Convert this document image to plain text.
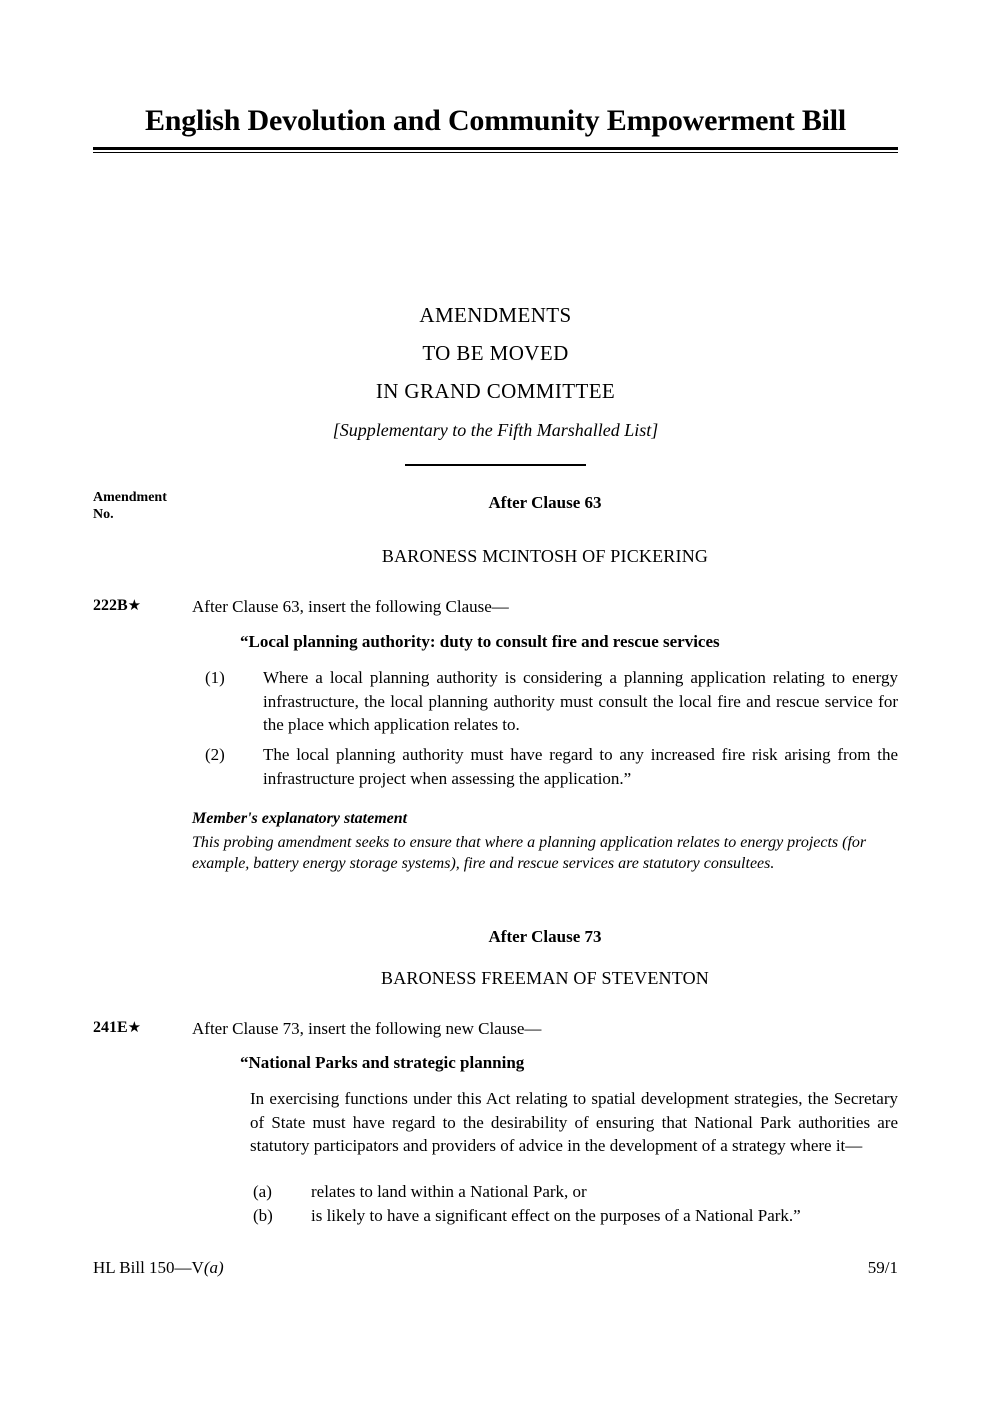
English Devolution and Community Empowerment Bill
AMENDMENTS
TO BE MOVED
IN GRAND COMMITTEE
[Supplementary to the Fifth Marshalled List]
Amendment
No.
After Clause 63
BARONESS MCINTOSH OF PICKERING
222B★	After Clause 63, insert the following Clause—
“Local planning authority: duty to consult fire and rescue services
(1)	Where a local planning authority is considering a planning application relating to energy infrastructure, the local planning authority must consult the local fire and rescue service for the place which application relates to.
(2)	The local planning authority must have regard to any increased fire risk arising from the infrastructure project when assessing the application.”
Member's explanatory statement
This probing amendment seeks to ensure that where a planning application relates to energy projects (for example, battery energy storage systems), fire and rescue services are statutory consultees.
After Clause 73
BARONESS FREEMAN OF STEVENTON
241E★	After Clause 73, insert the following new Clause—
“National Parks and strategic planning
In exercising functions under this Act relating to spatial development strategies, the Secretary of State must have regard to the desirability of ensuring that National Park authorities are statutory participators and providers of advice in the development of a strategy where it—
(a)	relates to land within a National Park, or
(b)	is likely to have a significant effect on the purposes of a National Park.”
HL Bill 150—V(a)	59/1
